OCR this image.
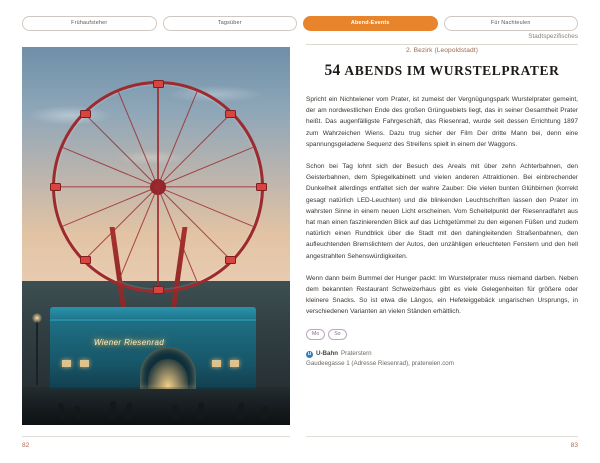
Frühaufsteher	Tagsüber	Abend-Events	Für Nachteulen
Stadtspezifisches
Wiener Riesenrad
2. Bezirk (Leopoldstadt)
54 ABENDS IM WURSTELPRATER

Spricht ein Nichtwiener vom Prater, ist zumeist der Vergnügungspark Wurstelprater gemeint, der am nordwestlichen Ende des großen Grünguebiets liegt, das in seiner Gesamtheit Prater heißt. Das augenfälligste Fahrgeschäft, das Riesenrad, wurde seit dessen Errichtung 1897 zum Wahrzeichen Wiens. Dazu trug sicher der Film Der dritte Mann bei, denn eine spannungsgeladene Sequenz des Streifens spielt in einem der Waggons.

Schon bei Tag lohnt sich der Besuch des Areals mit über zehn Achterbahnen, den Geisterbahnen, dem Spiegelkabinett und vielen anderen Attraktionen. Bei einbrechender Dunkelheit allerdings entfaltet sich der wahre Zauber: Die vielen bunten Glühbirnen (korrekt gesagt natürlich LED-Leuchten) und die blinkenden Leuchtschriften lassen den Prater im wahrsten Sinne in einem neuen Licht erscheinen. Vom Scheitelpunkt der Riesenradfahrt aus hat man einen faszinierenden Blick auf das Lichtgetümmel zu den eigenen Füßen und zudem natürlich einen Rundblick über die Stadt mit den dahingleitenden Straßenbahnen, den aufleuchtenden Bremslichtern der Autos, den unzähligen erleuchteten Fenstern und den hell angestrahlten Sehenswürdigkeiten.

Wenn dann beim Bummel der Hunger packt: Im Wurstelprater muss niemand darben. Neben dem bekannten Restaurant Schweizerhaus gibt es viele Gelegenheiten für größere oder kleinere Snacks. So ist etwa die Längos, ein Hefeteiggebäck ungarischen Ursprungs, in verschiedenen Varianten an vielen Ständen erhältlich.

Mo	So
U U-Bahn Praterstern
Gaudeegasse 1 (Adresse Riesenrad), praterwien.com
82	83
